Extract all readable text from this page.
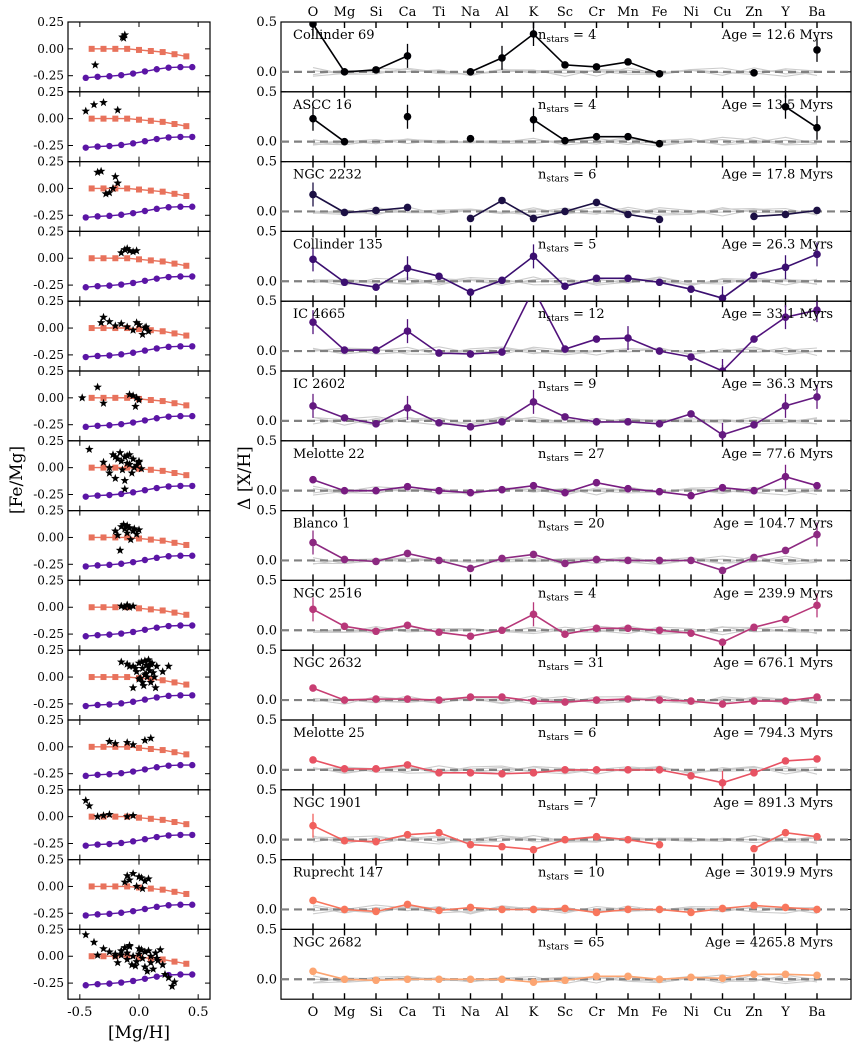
0.25
0.00
-0.25
0.5
0.0
Collinder 69	$n_{stars} = 4$	Age = 12.6 Myrs
0.25
0.00
-0.25
0.5
0.0
ASCC 16	$n_{stars} = 4$	Age = 13.5 Myrs
0.25
0.00
-0.25
0.5
0.0
NGC 2232	$n_{stars} = 6$	Age = 17.8 Myrs
0.25
0.00
-0.25
0.5
0.0
Collinder 135	$n_{stars} = 5$	Age = 26.3 Myrs
0.25
0.00
-0.25
0.5
0.0
IC 4665	$n_{stars} = 12$	Age = 33.1 Myrs
0.25
0.00
-0.25
0.5
0.0
IC 2602	$n_{stars} = 9$	Age = 36.3 Myrs
0.25
0.00
-0.25
0.5
0.0
Melotte 22	$n_{stars} = 27$	Age = 77.6 Myrs
0.25
0.00
-0.25
0.5
0.0
Blanco 1	$n_{stars} = 20$	Age = 104.7 Myrs
0.25
0.00
-0.25
0.5
0.0
NGC 2516	$n_{stars} = 4$	Age = 239.9 Myrs
0.25
0.00
-0.25
0.5
0.0
NGC 2632	$n_{stars} = 31$	Age = 676.1 Myrs
0.25
0.00
-0.25
0.5
0.0
Melotte 25	$n_{stars} = 6$	Age = 794.3 Myrs
0.25
0.00
-0.25
0.5
0.0
NGC 1901	$n_{stars} = 7$	Age = 891.3 Myrs
0.25
0.00
-0.25
0.5
0.0
Ruprecht 147	$n_{stars} = 10$	Age = 3019.9 Myrs
0.25
0.00
-0.25
0.5
0.0
NGC 2682	$n_{stars} = 65$	Age = 4265.8 Myrs
O
O
Mg
Mg
Si
Si
Ca
Ca
Ti
Ti
Na
Na
Al
Al
K
K
Sc
Sc
Cr
Cr
Mn
Mn
Fe
Fe
Ni
Ni
Cu
Cu
Zn
Zn
Y
Y
Ba
Ba
-0.5	0.0	0.5
[Mg/H]
[Fe/Mg]	Δ [X/H]
